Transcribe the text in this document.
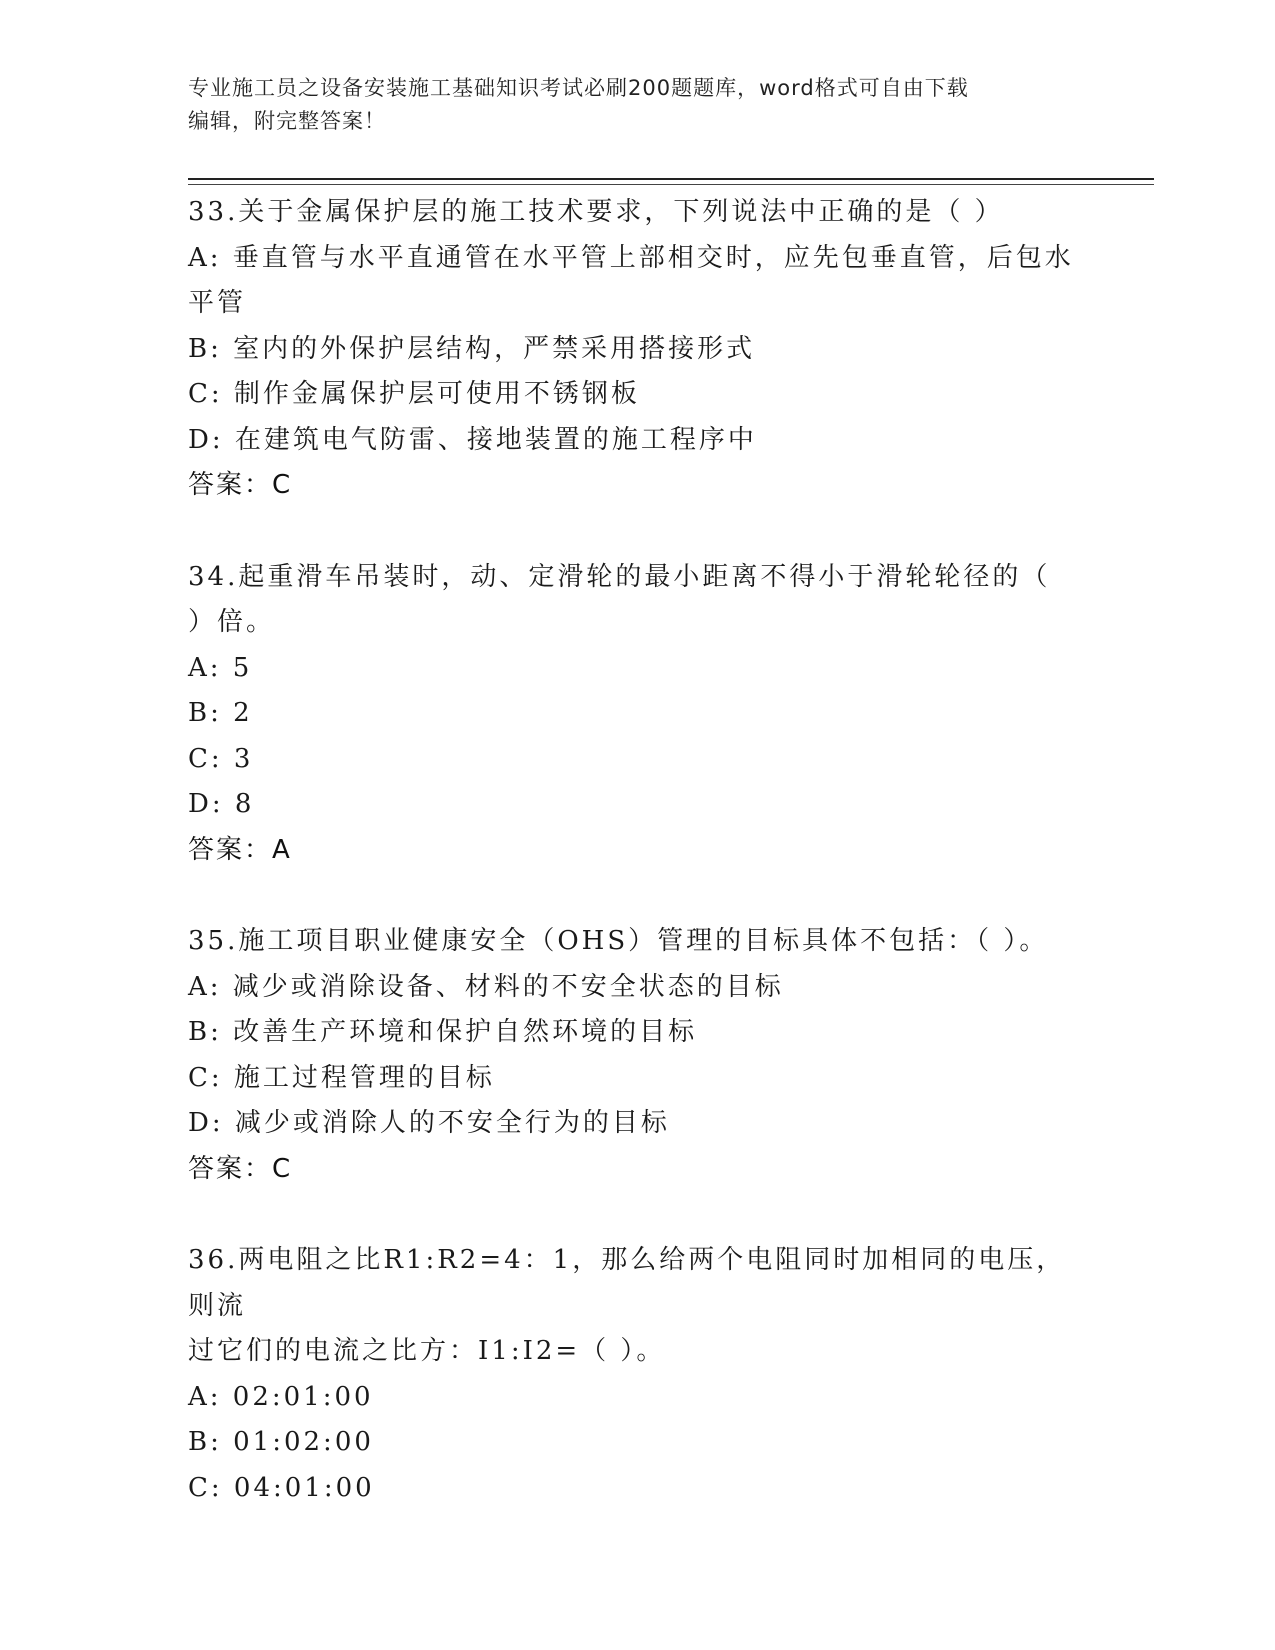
专业施工员之设备安装施工基础知识考试必刷200题题库，word格式可自由下载
编辑，附完整答案！
33.关于金属保护层的施工技术要求，下列说法中正确的是（ ）
A: 垂直管与水平直通管在水平管上部相交时，应先包垂直管，后包水
平管
B: 室内的外保护层结构，严禁采用搭接形式
C: 制作金属保护层可使用不锈钢板
D: 在建筑电气防雷、接地装置的施工程序中
答案：C
34.起重滑车吊装时，动、定滑轮的最小距离不得小于滑轮轮径的（
）倍。
A: 5
B: 2
C: 3
D: 8
答案：A
35.施工项目职业健康安全（OHS）管理的目标具体不包括：（ ）。
A: 减少或消除设备、材料的不安全状态的目标
B: 改善生产环境和保护自然环境的目标
C: 施工过程管理的目标
D: 减少或消除人的不安全行为的目标
答案：C
36.两电阻之比R1:R2=4：1，那么给两个电阻同时加相同的电压，则流
过它们的电流之比方：I1:I2=（ ）。
A: 02:01:00
B: 01:02:00
C: 04:01:00
